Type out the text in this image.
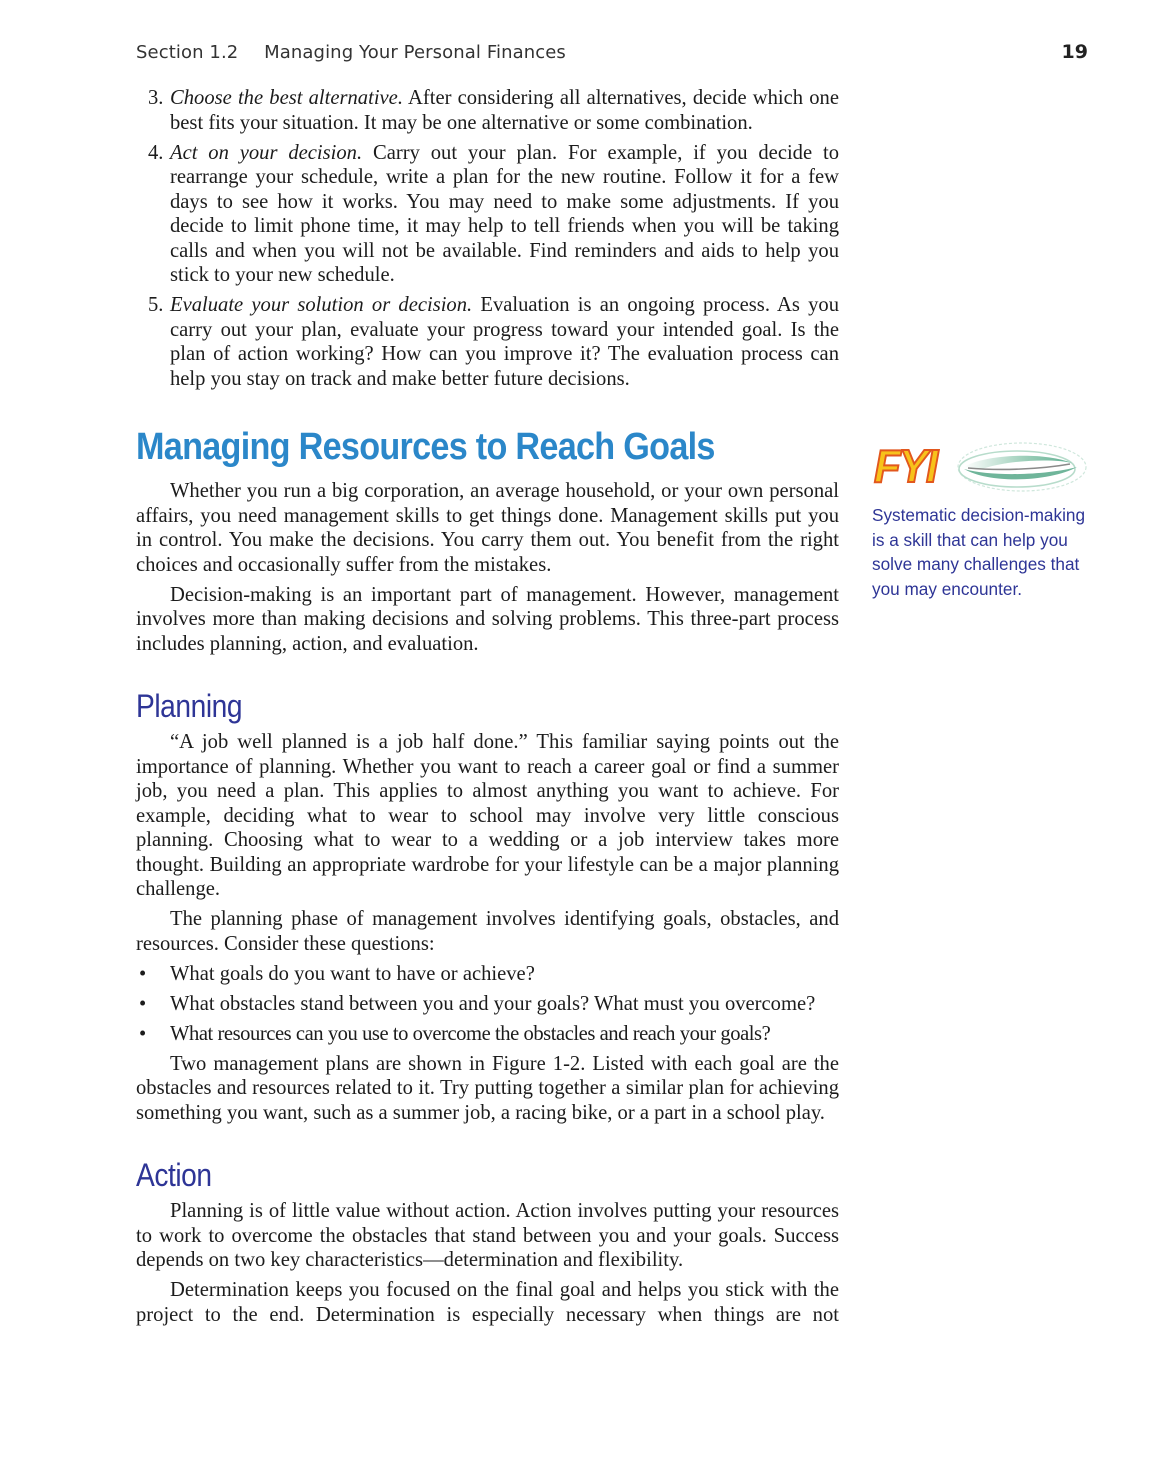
Section 1.2 Managing Your Personal Finances	19
3. Choose the best alternative. After considering all alternatives, decide which one best fits your situation. It may be one alternative or some combination.
4. Act on your decision. Carry out your plan. For example, if you decide to rearrange your schedule, write a plan for the new routine. Follow it for a few days to see how it works. You may need to make some adjustments. If you decide to limit phone time, it may help to tell friends when you will be taking calls and when you will not be available. Find reminders and aids to help you stick to your new schedule.
5. Evaluate your solution or decision. Evaluation is an ongoing process. As you carry out your plan, evaluate your progress toward your intended goal. Is the plan of action working? How can you improve it? The evaluation process can help you stay on track and make better future decisions.
Managing Resources to Reach Goals

Whether you run a big corporation, an average household, or your own personal affairs, you need management skills to get things done. Management skills put you in control. You make the decisions. You carry them out. You benefit from the right choices and occasionally suffer from the mistakes.

Decision-making is an important part of management. However, management involves more than making decisions and solving problems. This three-part process includes planning, action, and evaluation.

Planning

“A job well planned is a job half done.” This familiar saying points out the importance of planning. Whether you want to reach a career goal or find a summer job, you need a plan. This applies to almost anything you want to achieve. For example, deciding what to wear to school may involve very little conscious planning. Choosing what to wear to a wedding or a job interview takes more thought. Building an appropriate wardrobe for your lifestyle can be a major planning challenge.

The planning phase of management involves identifying goals, obstacles, and resources. Consider these questions:

• What goals do you want to have or achieve?
• What obstacles stand between you and your goals? What must you overcome?
• What resources can you use to overcome the obstacles and reach your goals?

Two management plans are shown in Figure 1-2. Listed with each goal are the obstacles and resources related to it. Try putting together a similar plan for achieving something you want, such as a summer job, a racing bike, or a part in a school play.

Action

Planning is of little value without action. Action involves putting your resources to work to overcome the obstacles that stand between you and your goals. Success depends on two key characteristics—determination and flexibility.

Determination keeps you focused on the final goal and helps you stick with the project to the end. Determination is especially necessary when things are not

FYI
Systematic decision-making is a skill that can help you solve many challenges that you may encounter.
